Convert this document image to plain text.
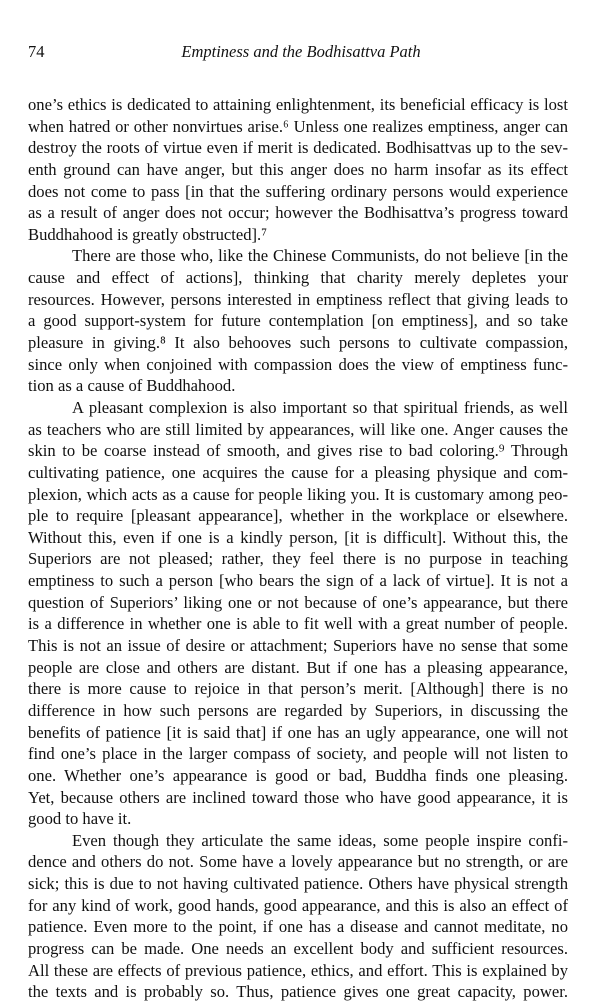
74	Emptiness and the Bodhisattva Path
one’s ethics is dedicated to attaining enlightenment, its beneficial efficacy is lost
when hatred or other nonvirtues arise.⁶ Unless one realizes emptiness, anger can
destroy the roots of virtue even if merit is dedicated. Bodhisattvas up to the sev-
enth ground can have anger, but this anger does no harm insofar as its effect
does not come to pass [in that the suffering ordinary persons would experience
as a result of anger does not occur; however the Bodhisattva’s progress toward
Buddhahood is greatly obstructed].⁷
There are those who, like the Chinese Communists, do not believe [in the
cause and effect of actions], thinking that charity merely depletes your
resources. However, persons interested in emptiness reflect that giving leads to
a good support-system for future contemplation [on emptiness], and so take
pleasure in giving.⁸ It also behooves such persons to cultivate compassion,
since only when conjoined with compassion does the view of emptiness func-
tion as a cause of Buddhahood.
A pleasant complexion is also important so that spiritual friends, as well
as teachers who are still limited by appearances, will like one. Anger causes the
skin to be coarse instead of smooth, and gives rise to bad coloring.⁹ Through
cultivating patience, one acquires the cause for a pleasing physique and com-
plexion, which acts as a cause for people liking you. It is customary among peo-
ple to require [pleasant appearance], whether in the workplace or elsewhere.
Without this, even if one is a kindly person, [it is difficult]. Without this, the
Superiors are not pleased; rather, they feel there is no purpose in teaching
emptiness to such a person [who bears the sign of a lack of virtue]. It is not a
question of Superiors’ liking one or not because of one’s appearance, but there
is a difference in whether one is able to fit well with a great number of people.
This is not an issue of desire or attachment; Superiors have no sense that some
people are close and others are distant. But if one has a pleasing appearance,
there is more cause to rejoice in that person’s merit. [Although] there is no
difference in how such persons are regarded by Superiors, in discussing the
benefits of patience [it is said that] if one has an ugly appearance, one will not
find one’s place in the larger compass of society, and people will not listen to
one. Whether one’s appearance is good or bad, Buddha finds one pleasing.
Yet, because others are inclined toward those who have good appearance, it is
good to have it.
Even though they articulate the same ideas, some people inspire confi-
dence and others do not. Some have a lovely appearance but no strength, or are
sick; this is due to not having cultivated patience. Others have physical strength
for any kind of work, good hands, good appearance, and this is also an effect of
patience. Even more to the point, if one has a disease and cannot meditate, no
progress can be made. One needs an excellent body and sufficient resources.
All these are effects of previous patience, ethics, and effort. This is explained by
the texts and is probably so. Thus, patience gives one great capacity, power.
